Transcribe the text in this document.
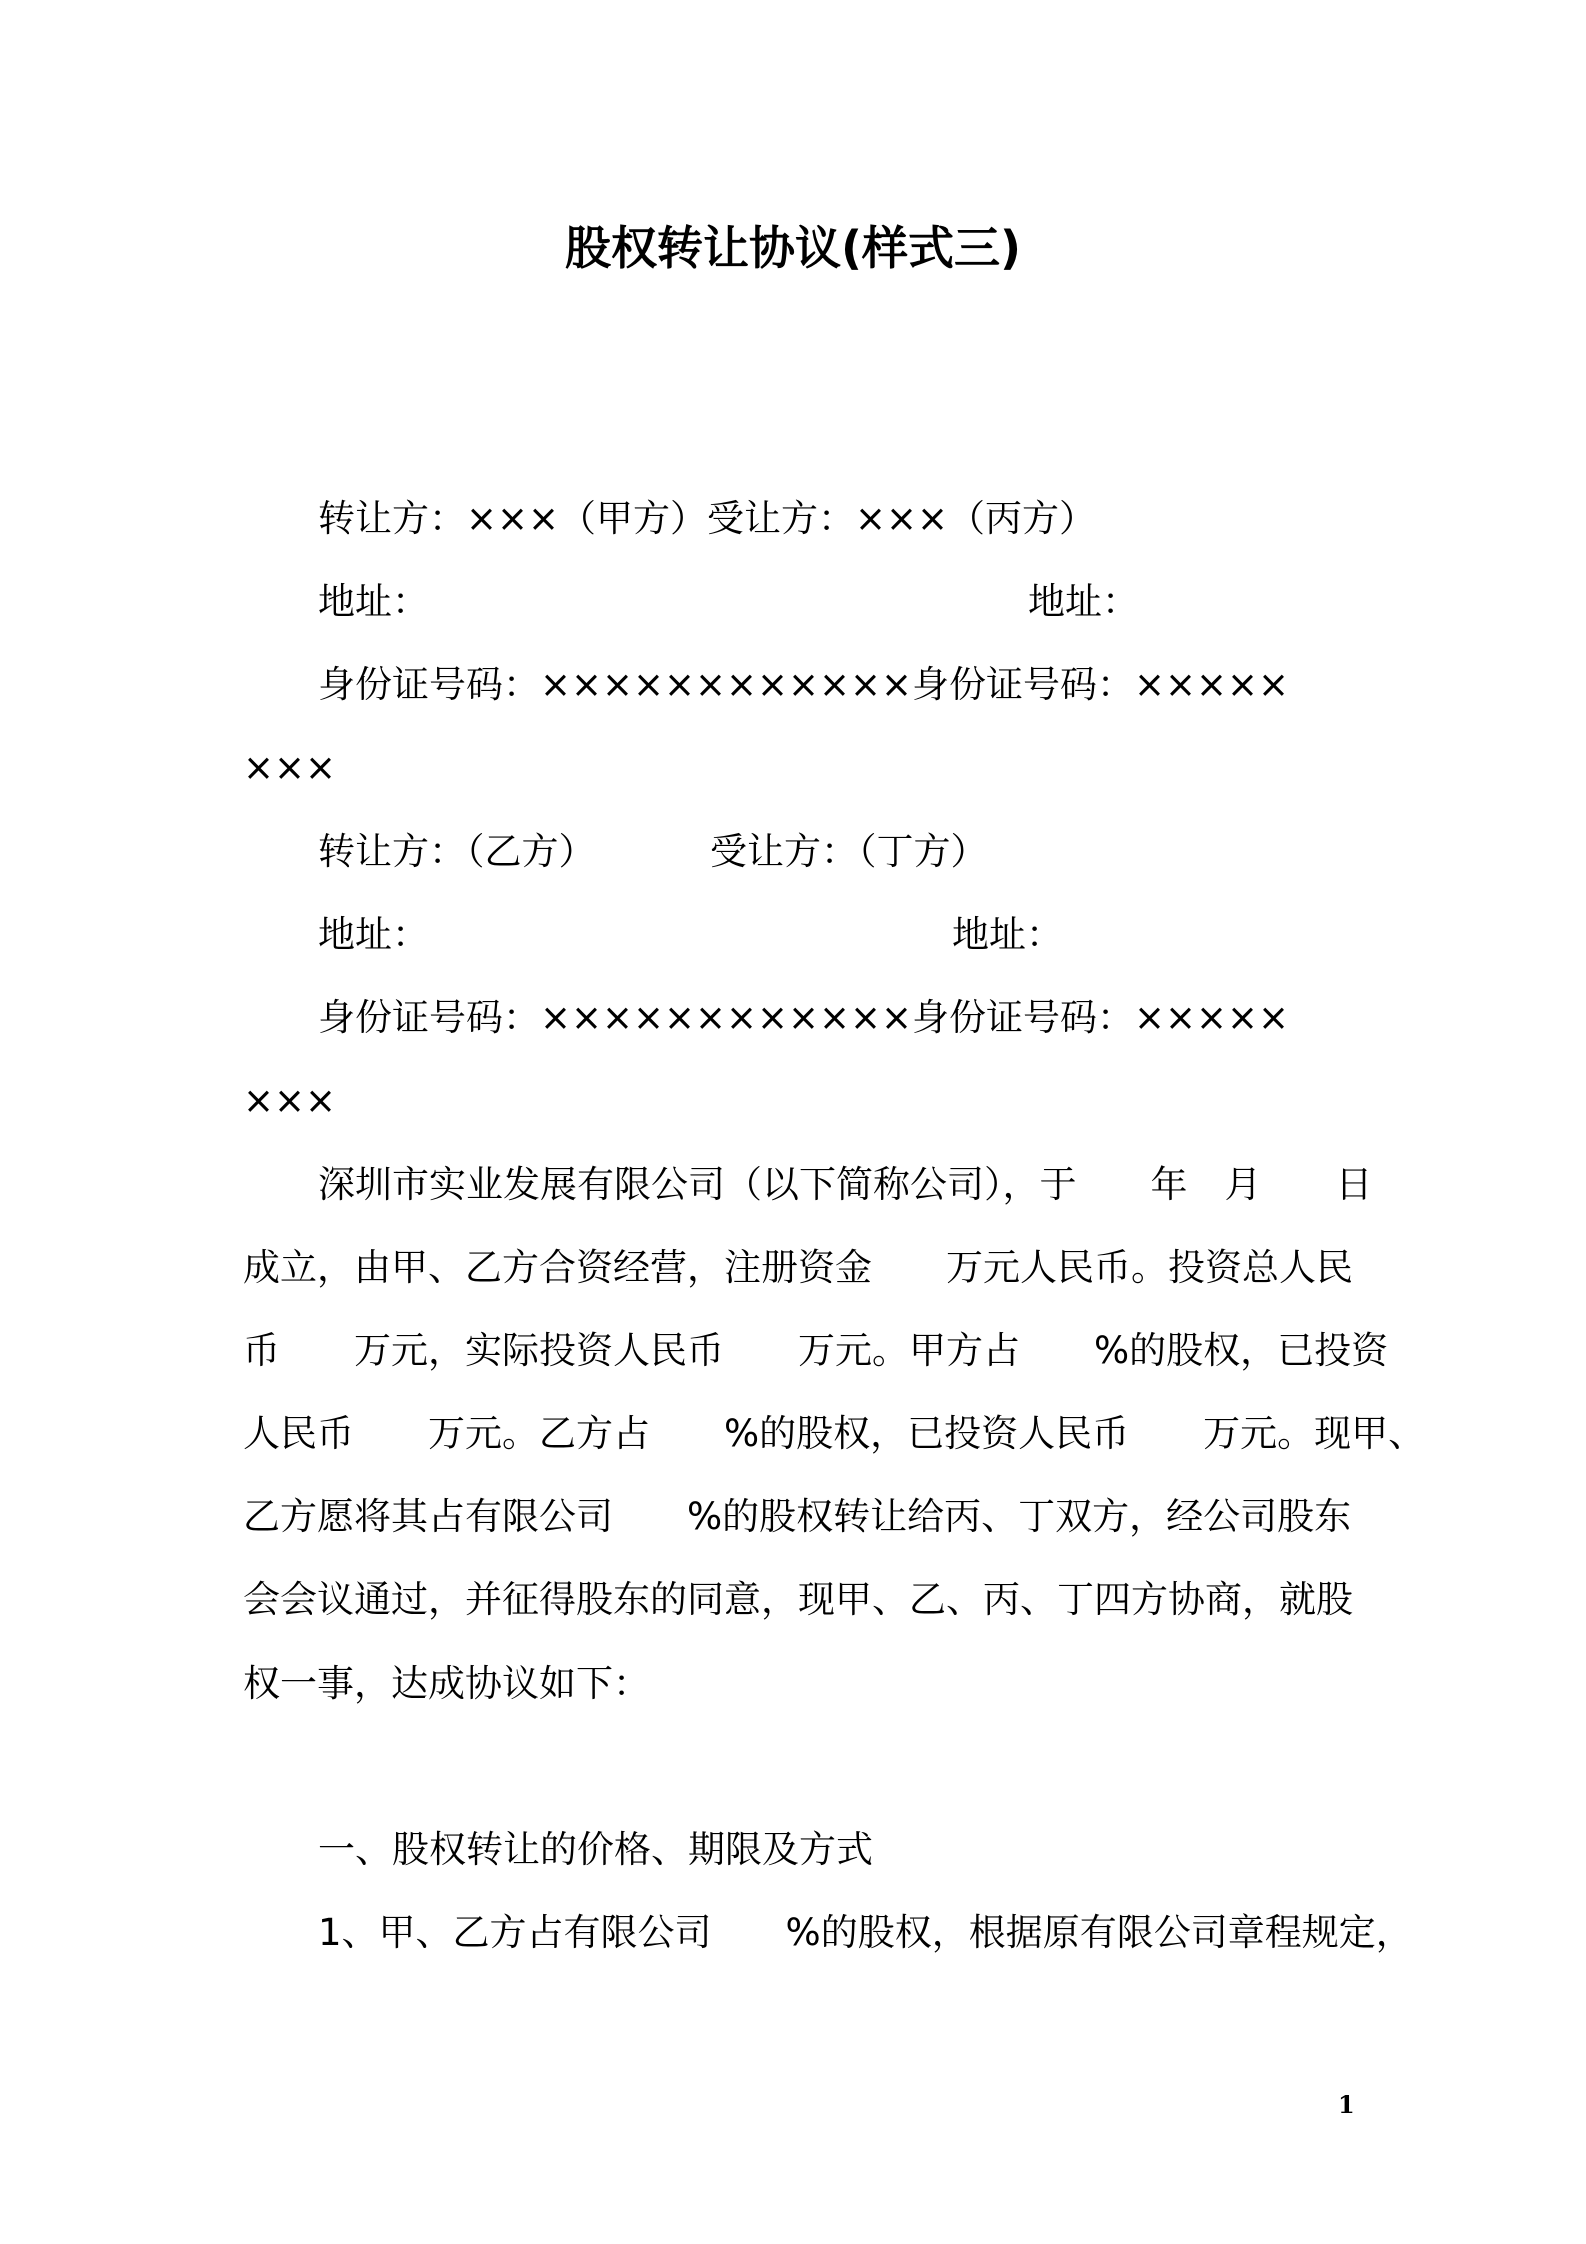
股权转让协议(样式三)
转让方：×××（甲方）受让方：×××（丙方）
地址：	地址：
身份证号码：××××××××××××身份证号码：×××××
×××
转让方：（乙方）	受让方：（丁方）
地址：	地址：
身份证号码：××××××××××××身份证号码：×××××
×××
深圳市实业发展有限公司（以下简称公司），于　　年　月　　日
成立，由甲、乙方合资经营，注册资金　　万元人民币。投资总人民
币　　万元，实际投资人民币　　万元。甲方占　　%的股权，已投资
人民币　　万元。乙方占　　%的股权，已投资人民币　　万元。现甲、
乙方愿将其占有限公司　　%的股权转让给丙、丁双方，经公司股东
会会议通过，并征得股东的同意，现甲、乙、丙、丁四方协商，就股
权一事，达成协议如下：
一、股权转让的价格、期限及方式
1、甲、乙方占有限公司　　%的股权，根据原有限公司章程规定，
1
